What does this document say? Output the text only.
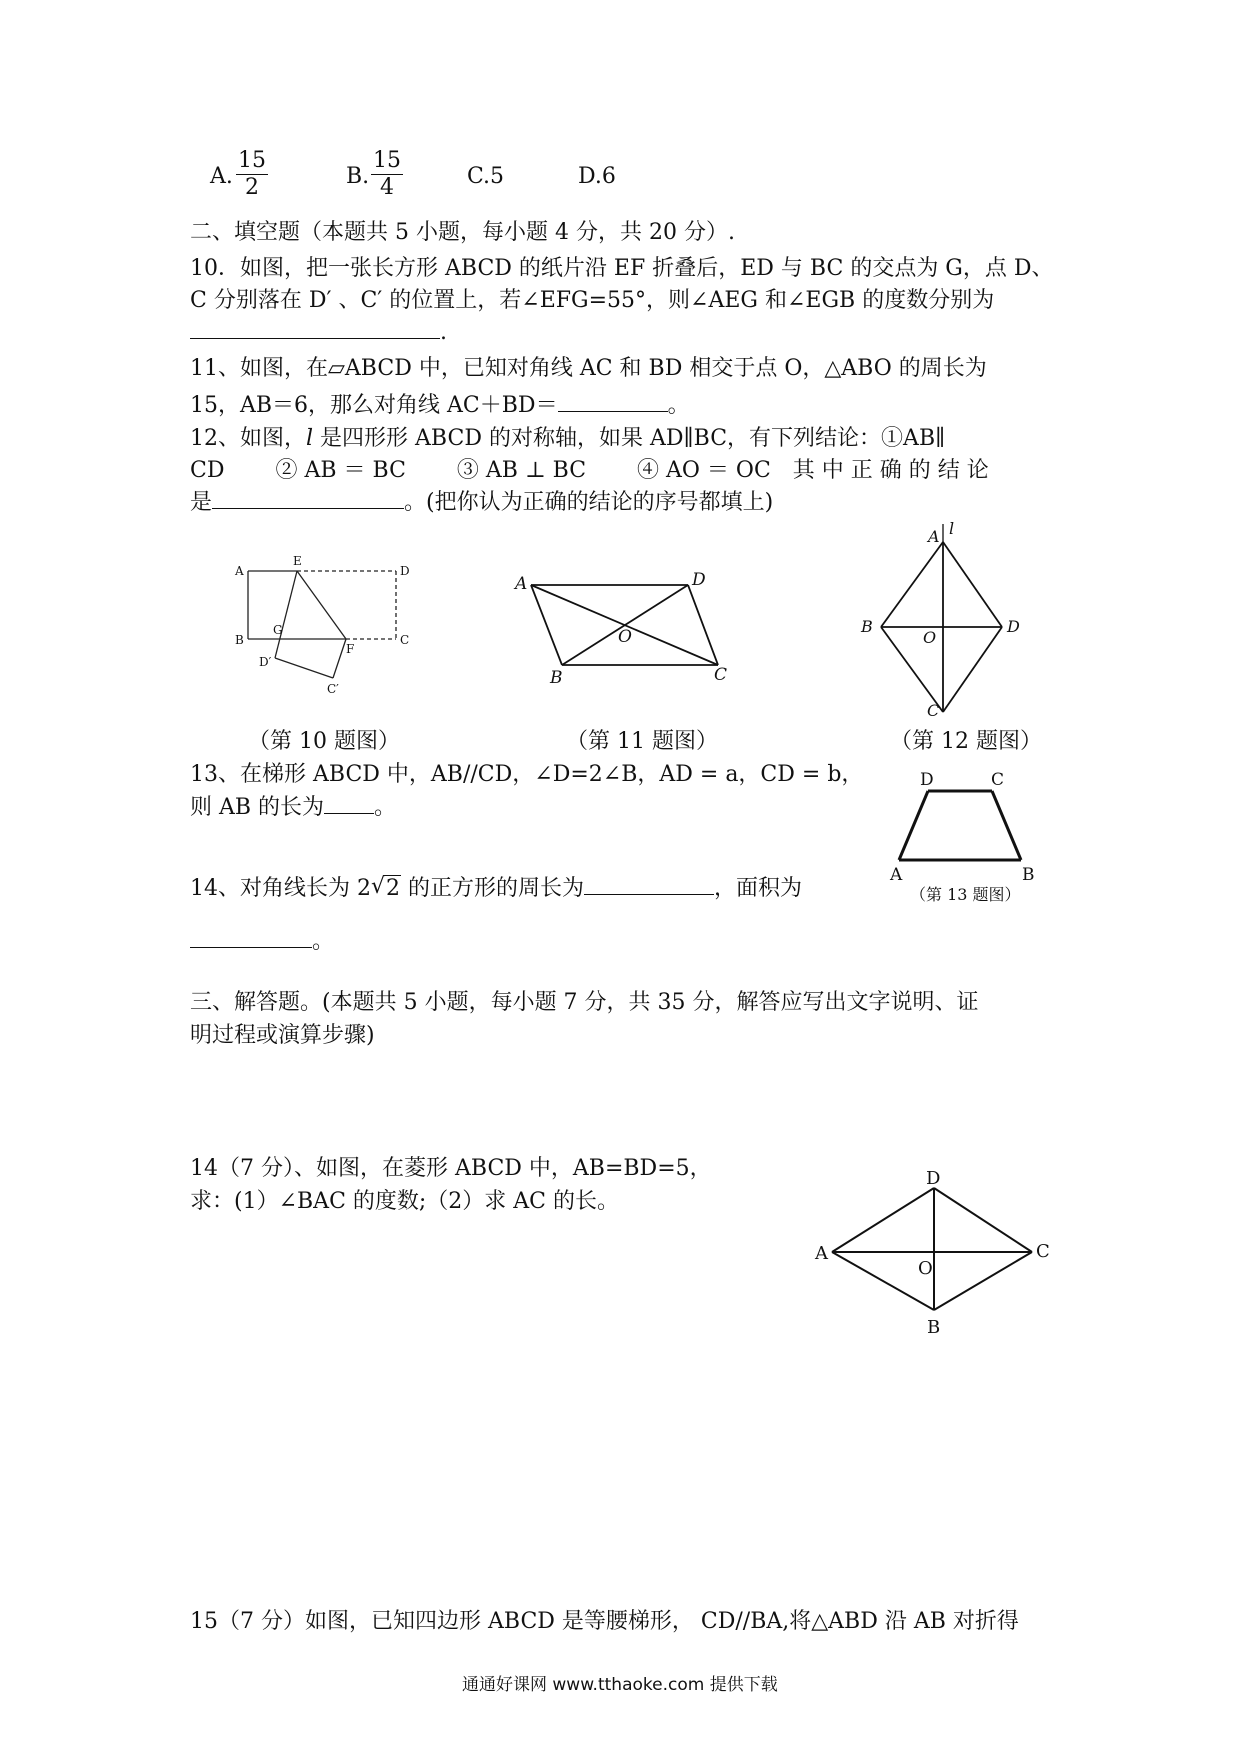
A. $\frac{15}{2}$	B. $\frac{15}{4}$	C.5	D.6
二、填空题（本题共 5 小题，每小题 4 分，共 20 分）.
10．如图，把一张长方形 ABCD 的纸片沿 EF 折叠后，ED 与 BC 的交点为 G，点 D、
C 分别落在 D′ 、C′ 的位置上，若∠EFG=55°，则∠AEG 和∠EGB 的度数分别为
.
11、如图，在▱ABCD 中，已知对角线 AC 和 BD 相交于点 O，△ABO 的周长为
15，AB＝6，那么对角线 AC＋BD＝	。
12、如图，l 是四形形 ABCD 的对称轴，如果 AD∥BC，有下列结论：①AB∥
CD　　 ② AB ＝ BC　　 ③ AB ⊥ BC　　 ④ AO ＝ OC　其 中 正 确 的 结 论
是	。(把你认为正确的结论的序号都填上)
A
E
D
B
G
F
C
D′
C′
A	D
O
B	C
l
A
B
O
D
C
（第 10 题图）	（第 11 题图）	（第 12 题图）
13、在梯形 ABCD 中，AB//CD，∠D=2∠B，AD = a，CD = b，
则 AB 的长为 。
D	C
A	B
（第 13 题图）
14、对角线长为 2 √ 2 的正方形的周长为	，面积为
。
三、解答题。(本题共 5 小题，每小题 7 分，共 35 分，解答应写出文字说明、证
明过程或演算步骤)
14（7 分）、如图，在菱形 ABCD 中，AB=BD=5，
求：(1）∠BAC 的度数;（2）求 AC 的长。
D
A
O
C
B
15（7 分）如图，已知四边形 ABCD 是等腰梯形， CD//BA,将△ABD 沿 AB 对折得
通通好课网 www.tthaoke.com 提供下载
